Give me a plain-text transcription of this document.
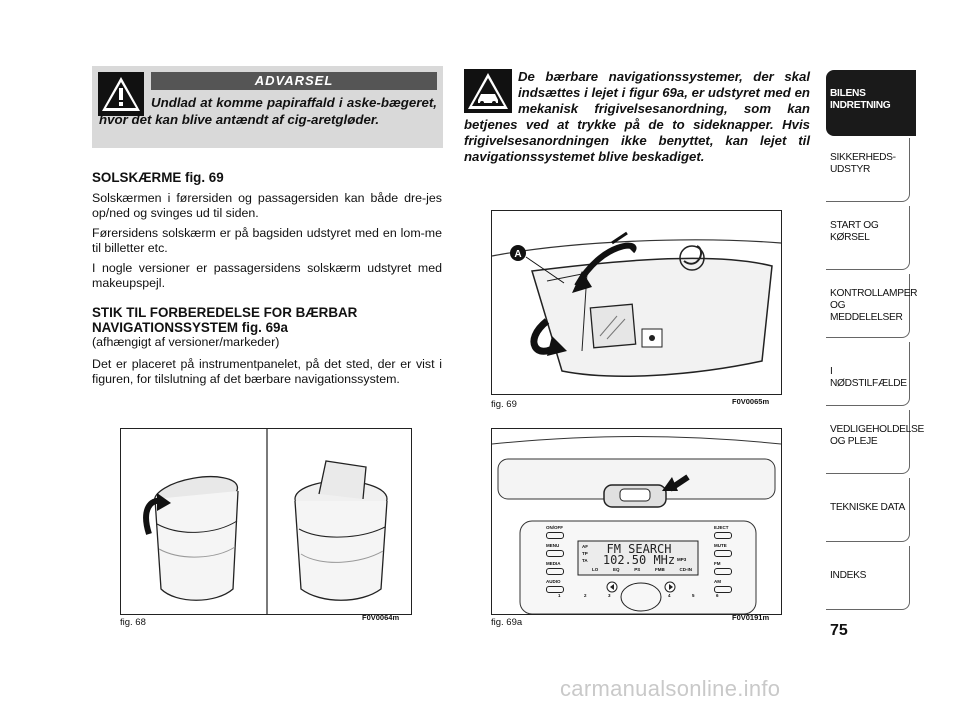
ADVARSEL
Undlad at komme papiraffald i aske-bægeret, hvor det kan blive antændt af cig-aretgløder.
SOLSKÆRME fig. 69

Solskærmen i førersiden og passagersiden kan både dre-jes op/ned og svinges ud til siden.

Førersidens solskærm er på bagsiden udstyret med en lom-me til billetter etc.

I nogle versioner er passagersidens solskærm udstyret med makeupspejl.

STIK TIL FORBEREDELSE FOR BÆRBAR
NAVIGATIONSSYSTEM fig. 69a

(afhængigt af versioner/markeder)

Det er placeret på instrumentpanelet, på det sted, der er vist i figuren, for tilslutning af det bærbare navigationssystem.

De bærbare navigationssystemer, der skal indsættes i lejet i figur 69a, er udstyret med en mekanisk frigivelsesanordning, som kan betjenes ved at trykke på de to sideknapper. Hvis frigivelsesanordningen ikke benyttet, kan lejet til navigationssystemet blive beskadiget.
A
fig. 69	F0V0065m
fig. 68	F0V0064m
FM SEARCH
102.50 MHz
AF
TP
TA	MP3
LO	EQ	PS	FMB	CD-IN
ON/OFF
MENU
MEDIA
AUDIO
EJECT
MUTE
FM
AM
1	2	3	4	5	6
fig. 69a	F0V0191m
BILENS INDRETNING
SIKKERHEDS-UDSTYR
START OG KØRSEL
KONTROLLAMPER OG MEDDELELSER
I NØDSTILFÆLDE
VEDLIGEHOLDELSE OG PLEJE
TEKNISKE DATA
INDEKS
75
carmanualsonline.info
